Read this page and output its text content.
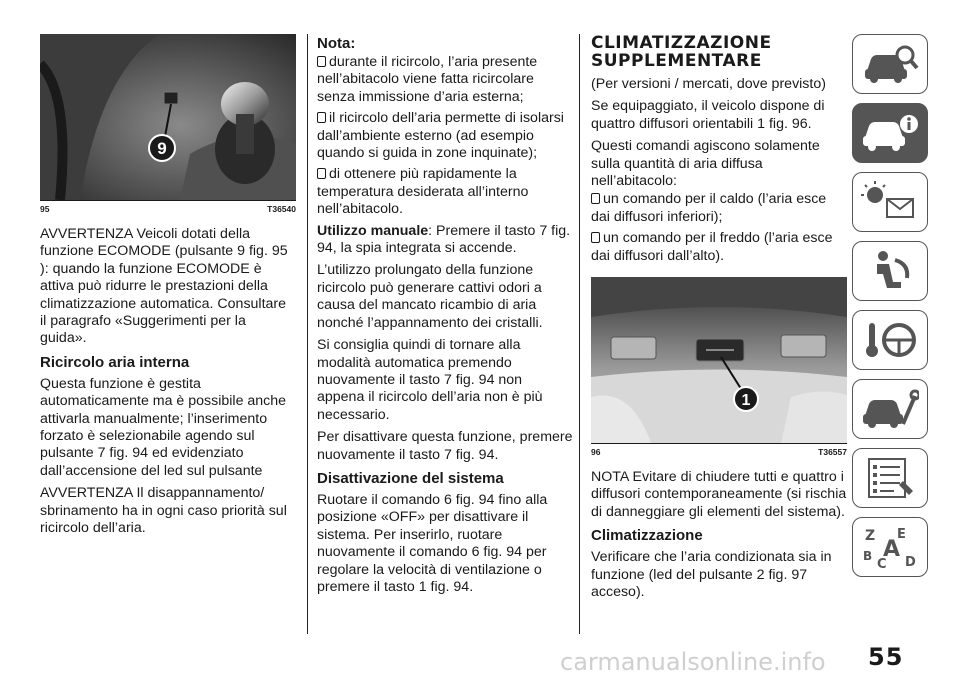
9
95	T36540

AVVERTENZA Veicoli dotati della funzione ECOMODE (pulsante 9 fig. 95 ): quando la funzione ECOMODE è attiva può ridurre le prestazioni della climatizzazione automatica. Consultare il paragrafo «Suggerimenti per la guida».

Ricircolo aria interna

Questa funzione è gestita automaticamente ma è possibile anche attivarla manualmente; l’inserimento forzato è selezionabile agendo sul pulsante 7 fig. 94 ed evidenziato dall’accensione del led sul pulsante

AVVERTENZA Il disappannamento/ sbrinamento ha in ogni caso priorità sul ricircolo dell’aria.

Nota:
durante il ricircolo, l’aria presente nell’abitacolo viene fatta ricircolare senza immissione d’aria esterna;
il ricircolo dell’aria permette di isolarsi dall’ambiente esterno (ad esempio quando si guida in zone inquinate);
di ottenere più rapidamente la temperatura desiderata all’interno nell’abitacolo.

Utilizzo manuale: Premere il tasto 7 fig. 94, la spia integrata si accende.

L’utilizzo prolungato della funzione ricircolo può generare cattivi odori a causa del mancato ricambio di aria nonché l’appannamento dei cristalli.

Si consiglia quindi di tornare alla modalità automatica premendo nuovamente il tasto 7 fig. 94 non appena il ricircolo dell’aria non è più necessario.

Per disattivare questa funzione, premere nuovamente il tasto 7 fig. 94.

Disattivazione del sistema

Ruotare il comando 6 fig. 94 fino alla posizione «OFF» per disattivare il sistema. Per inserirlo, ruotare nuovamente il comando 6 fig. 94 per regolare la velocità di ventilazione o premere il tasto 1 fig. 94.

CLIMATIZZAZIONE SUPPLEMENTARE

(Per versioni / mercati, dove previsto)

Se equipaggiato, il veicolo dispone di quattro diffusori orientabili 1 fig. 96.

Questi comandi agiscono solamente sulla quantità di aria diffusa nell’abitacolo:

un comando per il caldo (l’aria esce dai diffusori inferiori);
un comando per il freddo (l’aria esce dai diffusori dall’alto).
1
96	T36557

NOTA Evitare di chiudere tutti e quattro i diffusori contemporaneamente (si rischia di danneggiare gli elementi del sistema).

Climatizzazione

Verificare che l’aria condizionata sia in funzione (led del pulsante 2 fig. 97 acceso).

Z E
B A
C D
55
carmanualsonline.info
